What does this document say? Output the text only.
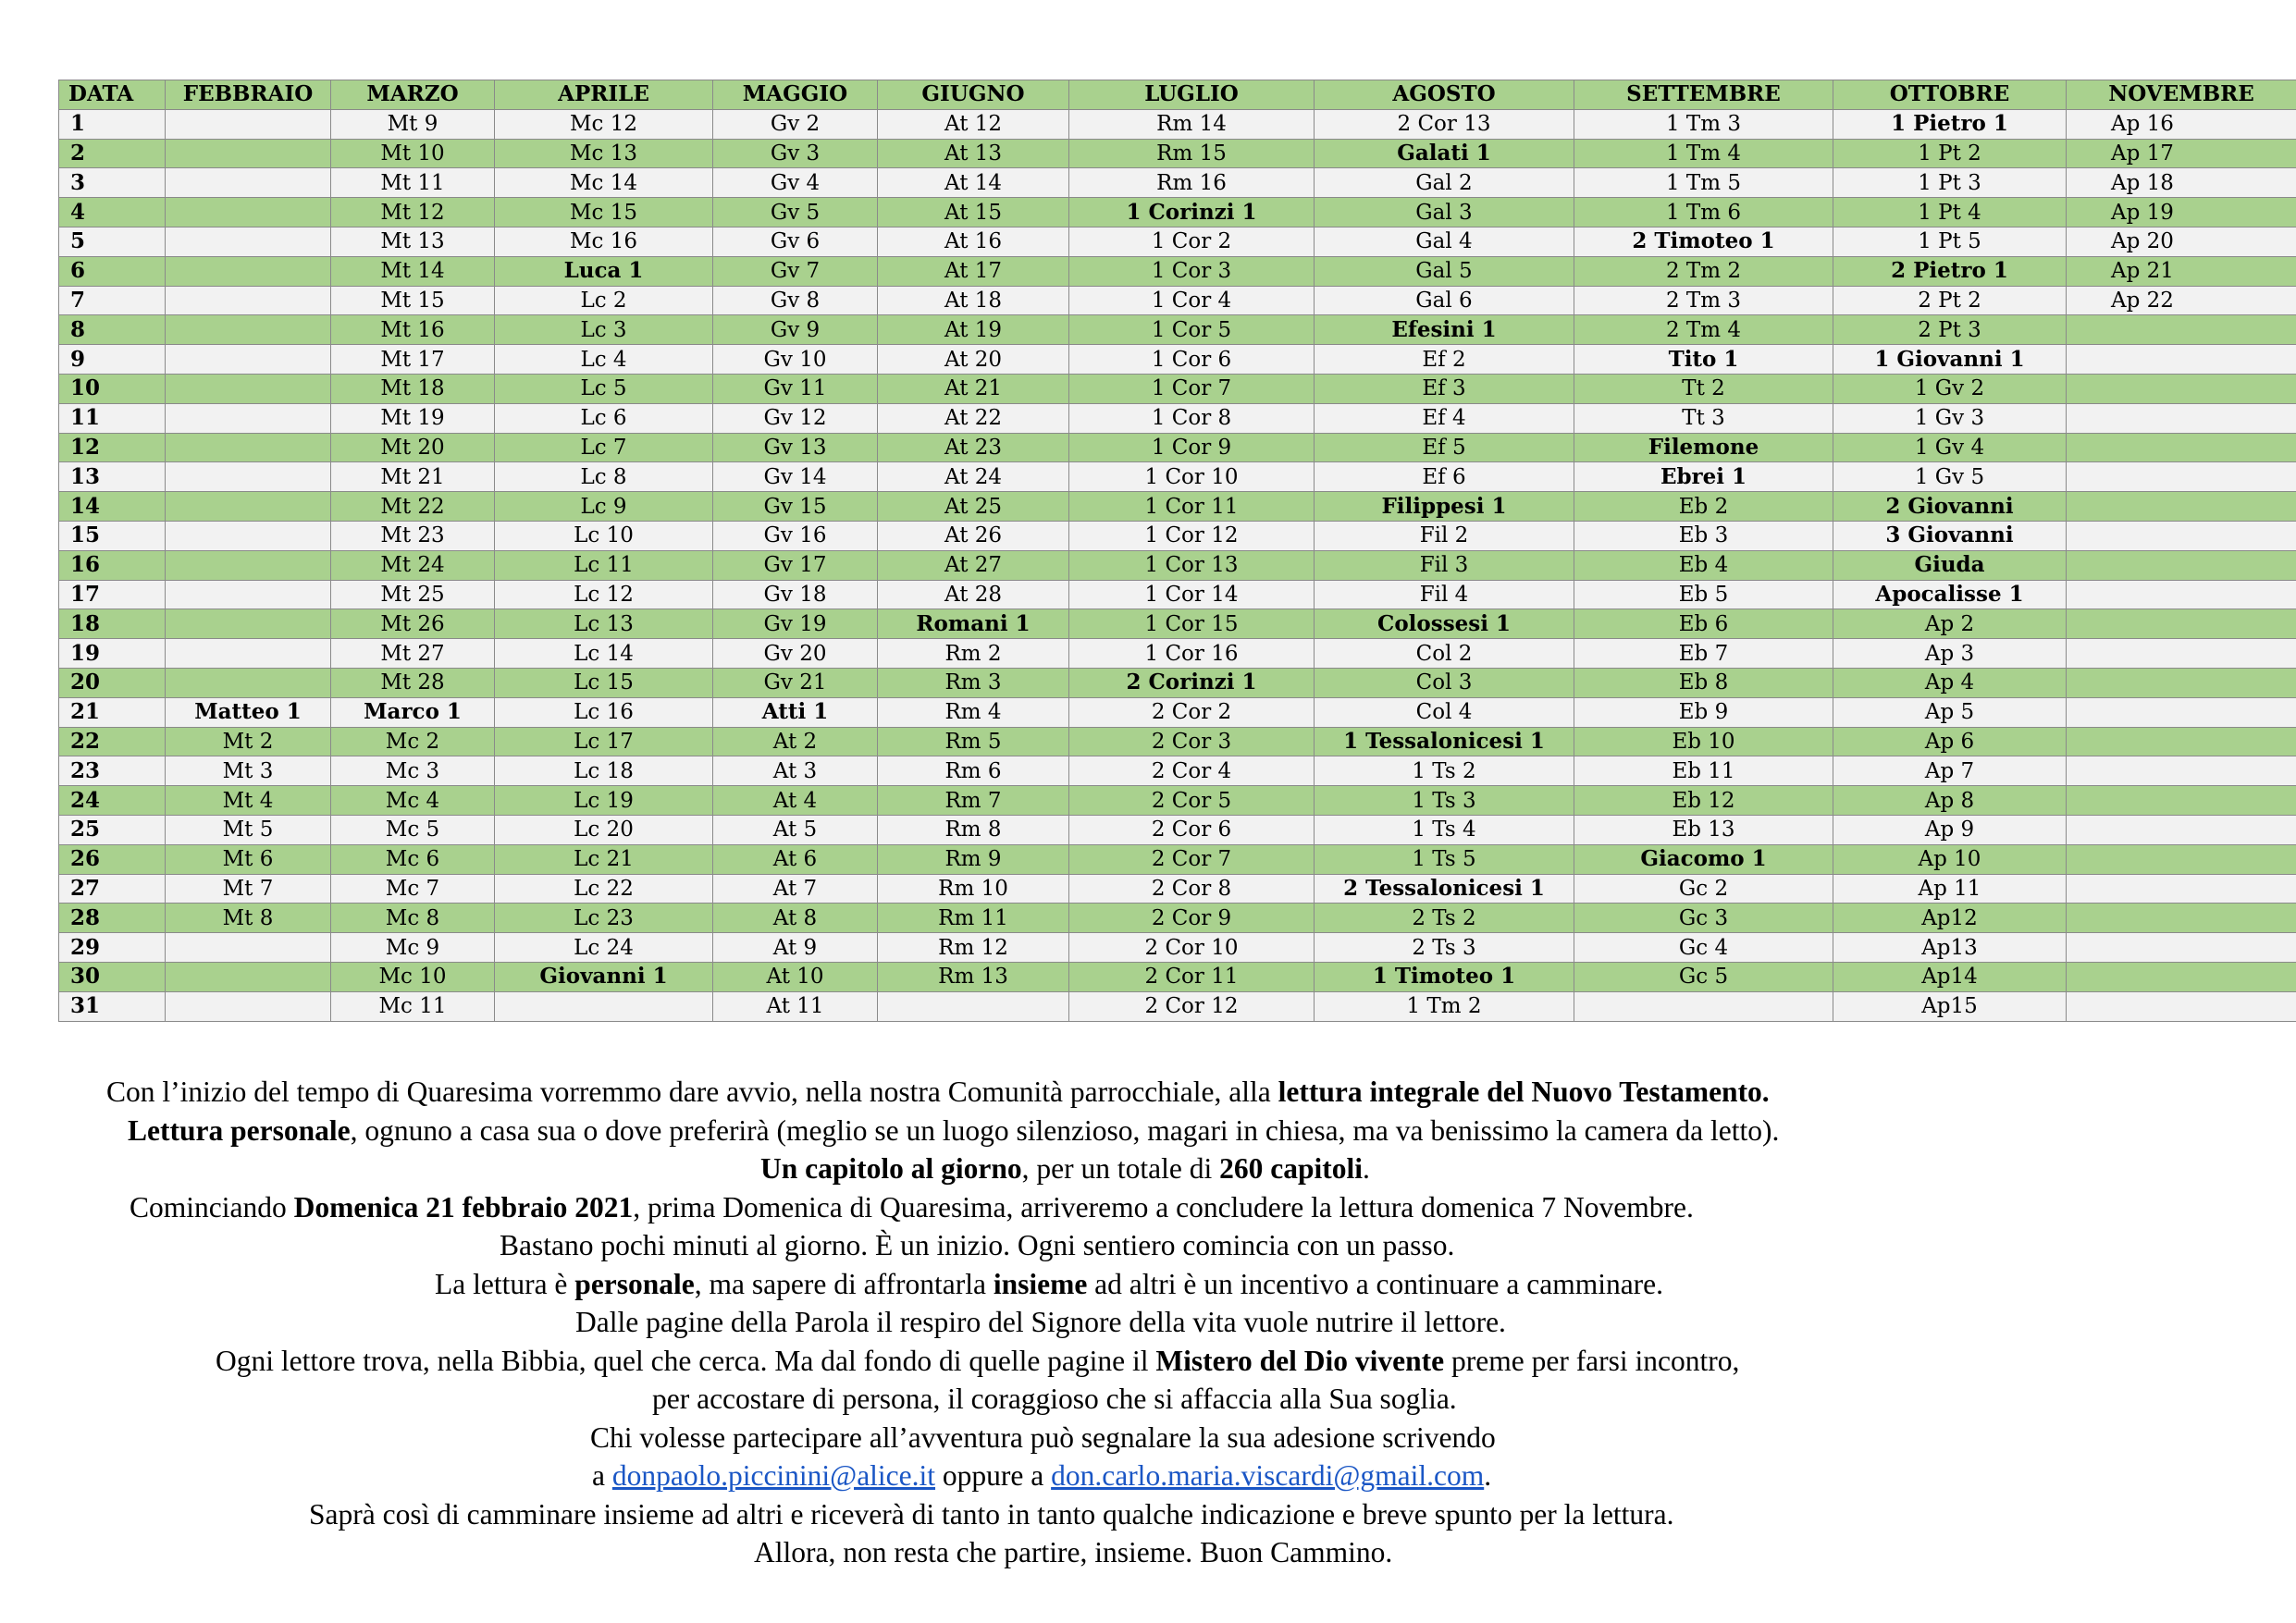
DATA	FEBBRAIO	MARZO	APRILE	MAGGIO	GIUGNO	LUGLIO	AGOSTO	SETTEMBRE	OTTOBRE	NOVEMBRE
1		Mt 9	Mc 12	Gv 2	At 12	Rm 14	2 Cor 13	1 Tm 3	1 Pietro 1	Ap 16
2		Mt 10	Mc 13	Gv 3	At 13	Rm 15	Galati 1	1 Tm 4	1 Pt 2	Ap 17
3		Mt 11	Mc 14	Gv 4	At 14	Rm 16	Gal 2	1 Tm 5	1 Pt 3	Ap 18
4		Mt 12	Mc 15	Gv 5	At 15	1 Corinzi 1	Gal 3	1 Tm 6	1 Pt 4	Ap 19
5		Mt 13	Mc 16	Gv 6	At 16	1 Cor 2	Gal 4	2 Timoteo 1	1 Pt 5	Ap 20
6		Mt 14	Luca 1	Gv 7	At 17	1 Cor 3	Gal 5	2 Tm 2	2 Pietro 1	Ap 21
7		Mt 15	Lc 2	Gv 8	At 18	1 Cor 4	Gal 6	2 Tm 3	2 Pt 2	Ap 22
8		Mt 16	Lc 3	Gv 9	At 19	1 Cor 5	Efesini 1	2 Tm 4	2 Pt 3	
9		Mt 17	Lc 4	Gv 10	At 20	1 Cor 6	Ef 2	Tito 1	1 Giovanni 1	
10		Mt 18	Lc 5	Gv 11	At 21	1 Cor 7	Ef 3	Tt 2	1 Gv 2	
11		Mt 19	Lc 6	Gv 12	At 22	1 Cor 8	Ef 4	Tt 3	1 Gv 3	
12		Mt 20	Lc 7	Gv 13	At 23	1 Cor 9	Ef 5	Filemone	1 Gv 4	
13		Mt 21	Lc 8	Gv 14	At 24	1 Cor 10	Ef 6	Ebrei 1	1 Gv 5	
14		Mt 22	Lc 9	Gv 15	At 25	1 Cor 11	Filippesi 1	Eb 2	2 Giovanni	
15		Mt 23	Lc 10	Gv 16	At 26	1 Cor 12	Fil 2	Eb 3	3 Giovanni	
16		Mt 24	Lc 11	Gv 17	At 27	1 Cor 13	Fil 3	Eb 4	Giuda	
17		Mt 25	Lc 12	Gv 18	At 28	1 Cor 14	Fil 4	Eb 5	Apocalisse 1	
18		Mt 26	Lc 13	Gv 19	Romani 1	1 Cor 15	Colossesi 1	Eb 6	Ap 2	
19		Mt 27	Lc 14	Gv 20	Rm 2	1 Cor 16	Col 2	Eb 7	Ap 3	
20		Mt 28	Lc 15	Gv 21	Rm 3	2 Corinzi 1	Col 3	Eb 8	Ap 4	
21	Matteo 1	Marco 1	Lc 16	Atti 1	Rm 4	2 Cor 2	Col 4	Eb 9	Ap 5	
22	Mt 2	Mc 2	Lc 17	At 2	Rm 5	2 Cor 3	1 Tessalonicesi 1	Eb 10	Ap 6	
23	Mt 3	Mc 3	Lc 18	At 3	Rm 6	2 Cor 4	1 Ts 2	Eb 11	Ap 7	
24	Mt 4	Mc 4	Lc 19	At 4	Rm 7	2 Cor 5	1 Ts 3	Eb 12	Ap 8	
25	Mt 5	Mc 5	Lc 20	At 5	Rm 8	2 Cor 6	1 Ts 4	Eb 13	Ap 9	
26	Mt 6	Mc 6	Lc 21	At 6	Rm 9	2 Cor 7	1 Ts 5	Giacomo 1	Ap 10	
27	Mt 7	Mc 7	Lc 22	At 7	Rm 10	2 Cor 8	2 Tessalonicesi 1	Gc 2	Ap 11	
28	Mt 8	Mc 8	Lc 23	At 8	Rm 11	2 Cor 9	2 Ts 2	Gc 3	Ap12	
29		Mc 9	Lc 24	At 9	Rm 12	2 Cor 10	2 Ts 3	Gc 4	Ap13	
30		Mc 10	Giovanni 1	At 10	Rm 13	2 Cor 11	1 Timoteo 1	Gc 5	Ap14	
31		Mc 11		At 11		2 Cor 12	1 Tm 2		Ap15	

Con l’inizio del tempo di Quaresima vorremmo dare avvio, nella nostra Comunità parrocchiale, alla lettura integrale del Nuovo Testamento.

Lettura personale, ognuno a casa sua o dove preferirà (meglio se un luogo silenzioso, magari in chiesa, ma va benissimo la camera da letto).

Un capitolo al giorno, per un totale di 260 capitoli.

Cominciando Domenica 21 febbraio 2021, prima Domenica di Quaresima, arriveremo a concludere la lettura domenica 7 Novembre.

Bastano pochi minuti al giorno. È un inizio. Ogni sentiero comincia con un passo.

La lettura è personale, ma sapere di affrontarla insieme ad altri è un incentivo a continuare a camminare.

Dalle pagine della Parola il respiro del Signore della vita vuole nutrire il lettore.

Ogni lettore trova, nella Bibbia, quel che cerca. Ma dal fondo di quelle pagine il Mistero del Dio vivente preme per farsi incontro,

per accostare di persona, il coraggioso che si affaccia alla Sua soglia.

Chi volesse partecipare all’avventura può segnalare la sua adesione scrivendo

a donpaolo.piccinini@alice.it oppure a don.carlo.maria.viscardi@gmail.com.

Saprà così di camminare insieme ad altri e riceverà di tanto in tanto qualche indicazione e breve spunto per la lettura.

Allora, non resta che partire, insieme. Buon Cammino.
